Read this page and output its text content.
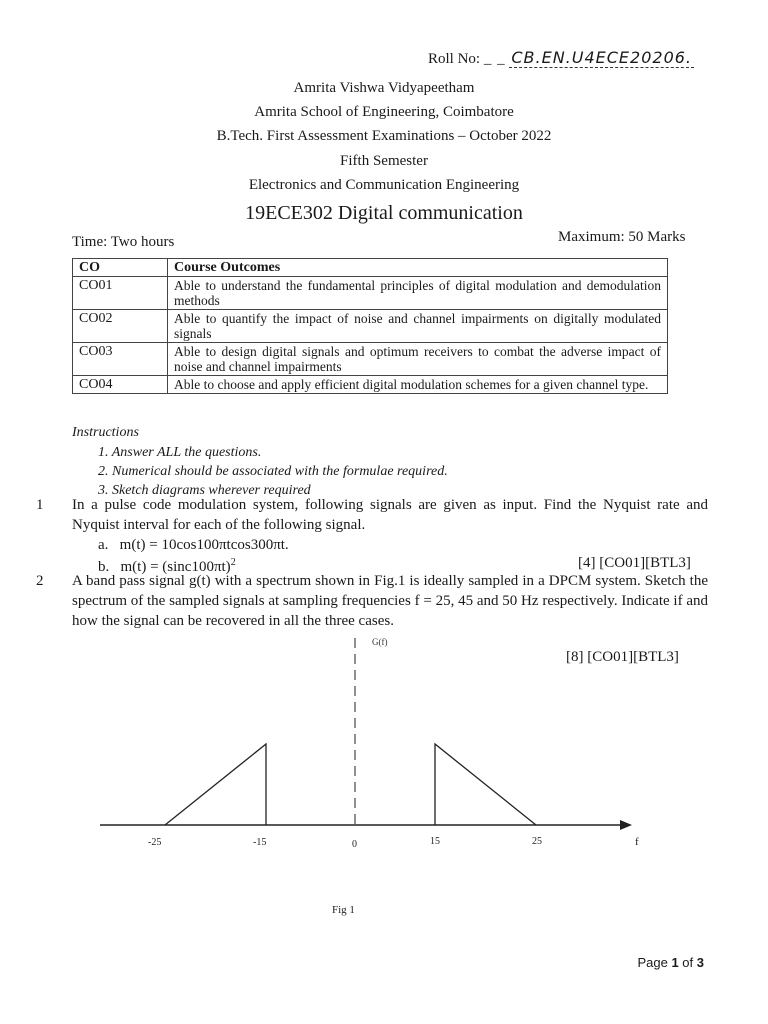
Roll No: _ _ CB.EN.U4ECE20206.
Amrita Vishwa Vidyapeetham
Amrita School of Engineering, Coimbatore
B.Tech. First Assessment Examinations – October 2022
Fifth Semester
Electronics and Communication Engineering
19ECE302 Digital communication
Time: Two hours	Maximum: 50 Marks
CO	Course Outcomes
CO01	Able to understand the fundamental principles of digital modulation and demodulation methods
CO02	Able to quantify the impact of noise and channel impairments on digitally modulated signals
CO03	Able to design digital signals and optimum receivers to combat the adverse impact of noise and channel impairments
CO04	Able to choose and apply efficient digital modulation schemes for a given channel type.
Instructions
1. Answer ALL the questions.
2. Numerical should be associated with the formulae required.
3. Sketch diagrams wherever required
1 In a pulse code modulation system, following signals are given as input. Find the Nyquist rate and Nyquist interval for each of the following signal.
a. m(t) = 10cos100πtcos300πt.
b. $m(t) = (\sin c100\pi t)^2$	[4] [CO01][BTL3]
2 A band pass signal g(t) with a spectrum shown in Fig.1 is ideally sampled in a DPCM system. Sketch the spectrum of the sampled signals at sampling frequencies f = 25, 45 and 50 Hz respectively. Indicate if and how the signal can be recovered in all the three cases.
[8] [CO01][BTL3]
G(f)
-25	-15	0	15	25	f
Fig 1
Page 1 of 3
